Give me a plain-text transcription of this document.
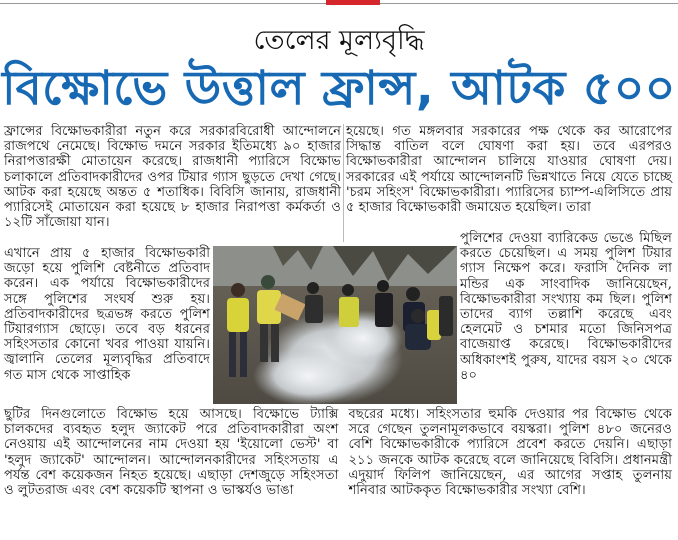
তেলের মূল্যবৃদ্ধি
বিক্ষোভে উত্তাল ফ্রান্স, আটক ৫০০
ফ্রান্সের বিক্ষোভকারীরা নতুন করে সরকারবিরোধী আন্দোলনে রাজপথে নেমেছে। বিক্ষোভ দমনে সরকার ইতিমধ্যে ৯০ হাজার নিরাপত্তারক্ষী মোতায়েন করেছে। রাজধানী প্যারিসে বিক্ষোভ চলাকালে প্রতিবাদকারীদের ওপর টিয়ার গ্যাস ছুড়তে দেখা গেছে। আটক করা হয়েছে অন্তত ৫ শতাধিক। বিবিসি জানায়, রাজধানী প্যারিসেই মোতায়েন করা হয়েছে ৮ হাজার নিরাপত্তা কর্মকর্তা ও ১২টি সাঁজোয়া যান।
হয়েছে। গত মঙ্গলবার সরকারের পক্ষ থেকে কর আরোপের সিদ্ধান্ত বাতিল বলে ঘোষণা করা হয়। তবে এরপরও বিক্ষোভকারীরা আন্দোলন চালিয়ে যাওয়ার ঘোষণা দেয়। সরকারের এই পর্যায়ে আন্দোলনটি ভিন্নখাতে নিয়ে যেতে চাচ্ছে 'চরম সহিংস' বিক্ষোভকারীরা। প্যারিসের চ্যাম্প-এলিসিতে প্রায় ৫ হাজার বিক্ষোভকারী জমায়েত হয়েছিল। তারা
এখানে প্রায় ৫ হাজার বিক্ষোভকারী জড়ো হয়ে পুলিশি বেষ্টনীতে প্রতিবাদ করেন। এক পর্যায়ে বিক্ষোভকারীদের সঙ্গে পুলিশের সংঘর্ষ শুরু হয়। প্রতিবাদকারীদের ছত্রভঙ্গ করতে পুলিশ টিয়ারগ্যাস ছোড়ে। তবে বড় ধরনের সহিংসতার কোনো খবর পাওয়া যায়নি। জ্বালানি তেলের মূল্যবৃদ্ধির প্রতিবাদে গত মাস থেকে সাপ্তাহিক
পুলিশের দেওয়া ব্যারিকেড ভেঙে মিছিল করতে চেয়েছিল। এ সময় পুলিশ টিয়ার গ্যাস নিক্ষেপ করে। ফরাসি দৈনিক লা মন্ডির এক সাংবাদিক জানিয়েছেন, বিক্ষোভকারীরা সংখ্যায় কম ছিল। পুলিশ তাদের ব্যাগ তল্লাশি করেছে এবং হেলমেট ও চশমার মতো জিনিসপত্র বাজেয়াপ্ত করেছে। বিক্ষোভকারীদের অধিকাংশই পুরুষ, যাদের বয়স ২০ থেকে ৪০
ছুটির দিনগুলোতে বিক্ষোভ হয়ে আসছে। বিক্ষোভে ট্যাক্সি চালকদের ব্যবহৃত হলুদ জ্যাকেট পরে প্রতিবাদকারীরা অংশ নেওয়ায় এই আন্দোলনের নাম দেওয়া হয় 'ইয়োলো ভেস্ট' বা 'হলুদ জ্যাকেট' আন্দোলন। আন্দোলনকারীদের সহিংসতায় এ পর্যন্ত বেশ কয়েকজন নিহত হয়েছে। এছাড়া দেশজুড়ে সহিংসতা ও লুটতরাজ এবং বেশ কয়েকটি স্থাপনা ও ভাস্কর্যও ভাঙা
বছরের মধ্যে। সহিংসতার হুমকি দেওয়ার পর বিক্ষোভ থেকে সরে গেছেন তুলনামূলকভাবে বয়স্করা। পুলিশ ৪৮০ জনেরও বেশি বিক্ষোভকারীকে প্যারিসে প্রবেশ করতে দেয়নি। এছাড়া ২১১ জনকে আটক করেছে বলে জানিয়েছে বিবিসি। প্রধানমন্ত্রী এদুয়ার্দ ফিলিপ জানিয়েছেন, এর আগের সপ্তাহ তুলনায় শনিবার আটককৃত বিক্ষোভকারীর সংখ্যা বেশি।
